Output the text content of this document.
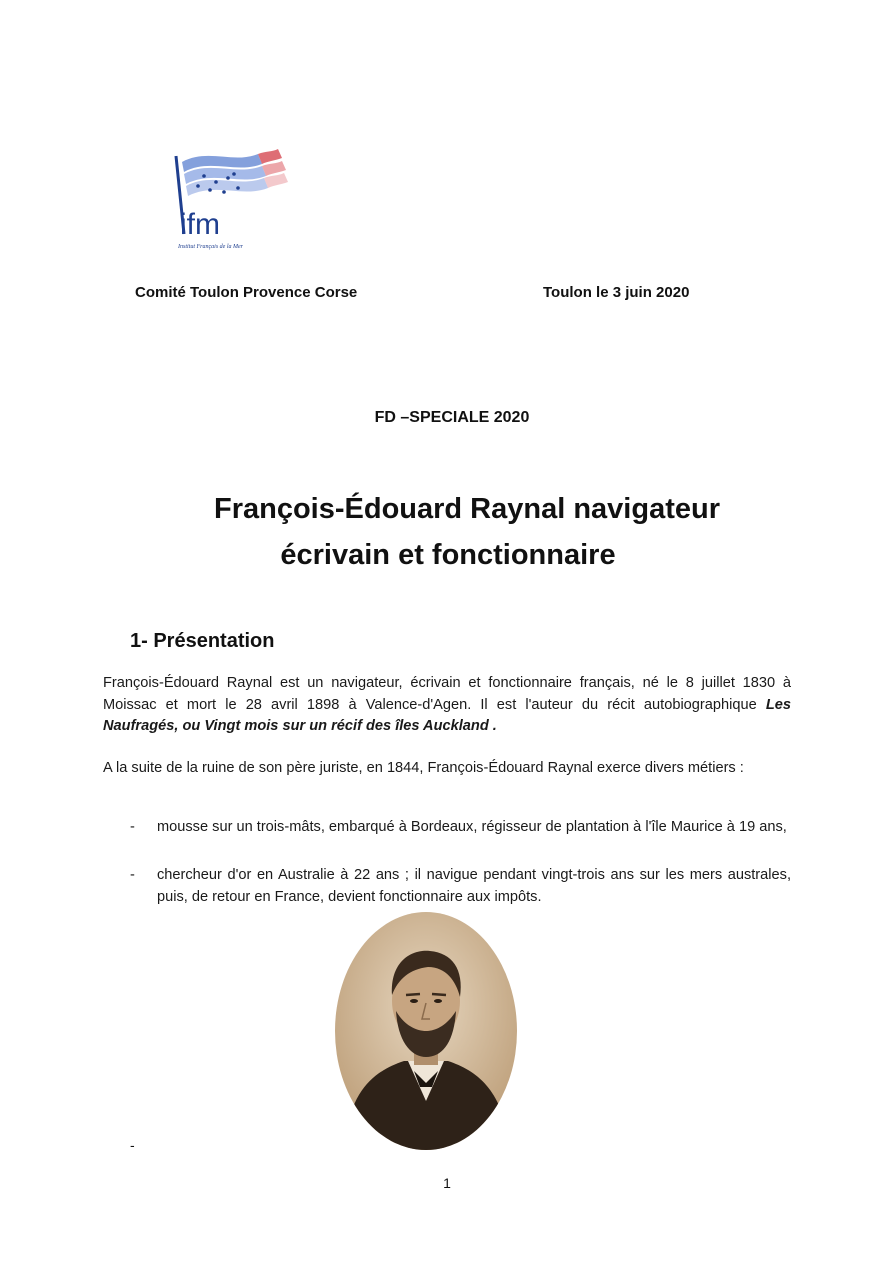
ifm
Institut Français de la Mer
Comité Toulon Provence Corse	Toulon le 3 juin 2020
FD –SPECIALE 2020
François-Édouard Raynal navigateur
écrivain et fonctionnaire
1- Présentation
François-Édouard Raynal est un navigateur, écrivain et fonctionnaire français, né le 8 juillet 1830 à Moissac et mort le 28 avril 1898 à Valence-d'Agen. Il est l'auteur du récit autobiographique Les Naufragés, ou Vingt mois sur un récif des îles Auckland .
A la suite de la ruine de son père juriste, en 1844, François-Édouard Raynal exerce divers métiers :
- mousse sur un trois-mâts, embarqué à Bordeaux, régisseur de plantation à l'île Maurice à 19 ans,
- chercheur d'or en Australie à 22 ans ; il navigue pendant vingt-trois ans sur les mers australes, puis, de retour en France, devient fonctionnaire aux impôts.
-
1
